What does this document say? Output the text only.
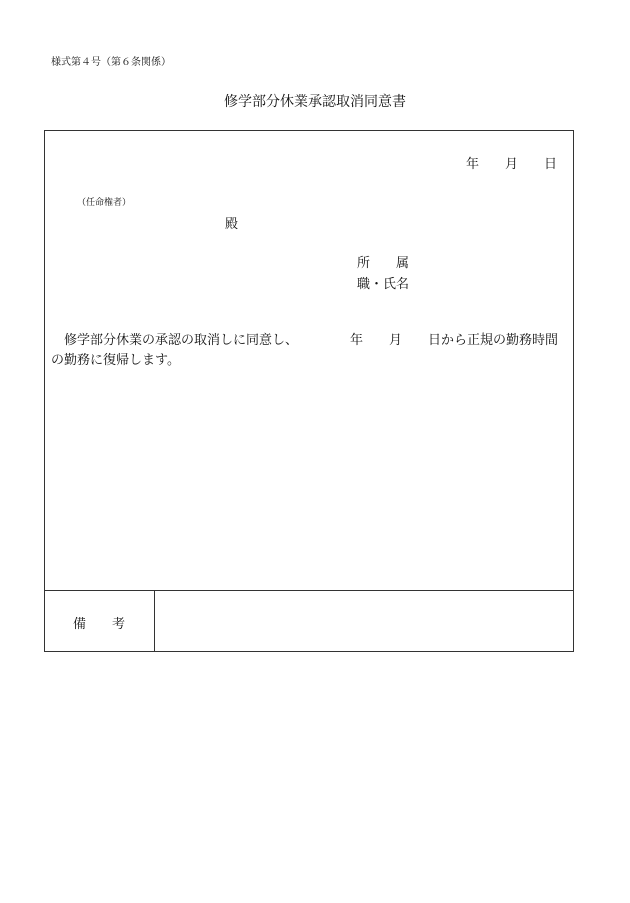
様式第４号（第６条関係）
修学部分休業承認取消同意書
年 月 日
（任命権者）
殿
所 属
職・氏名
修学部分休業の承認の取消しに同意し、	年 月 日から正規の勤務時間
の勤務に復帰します。
備 考
